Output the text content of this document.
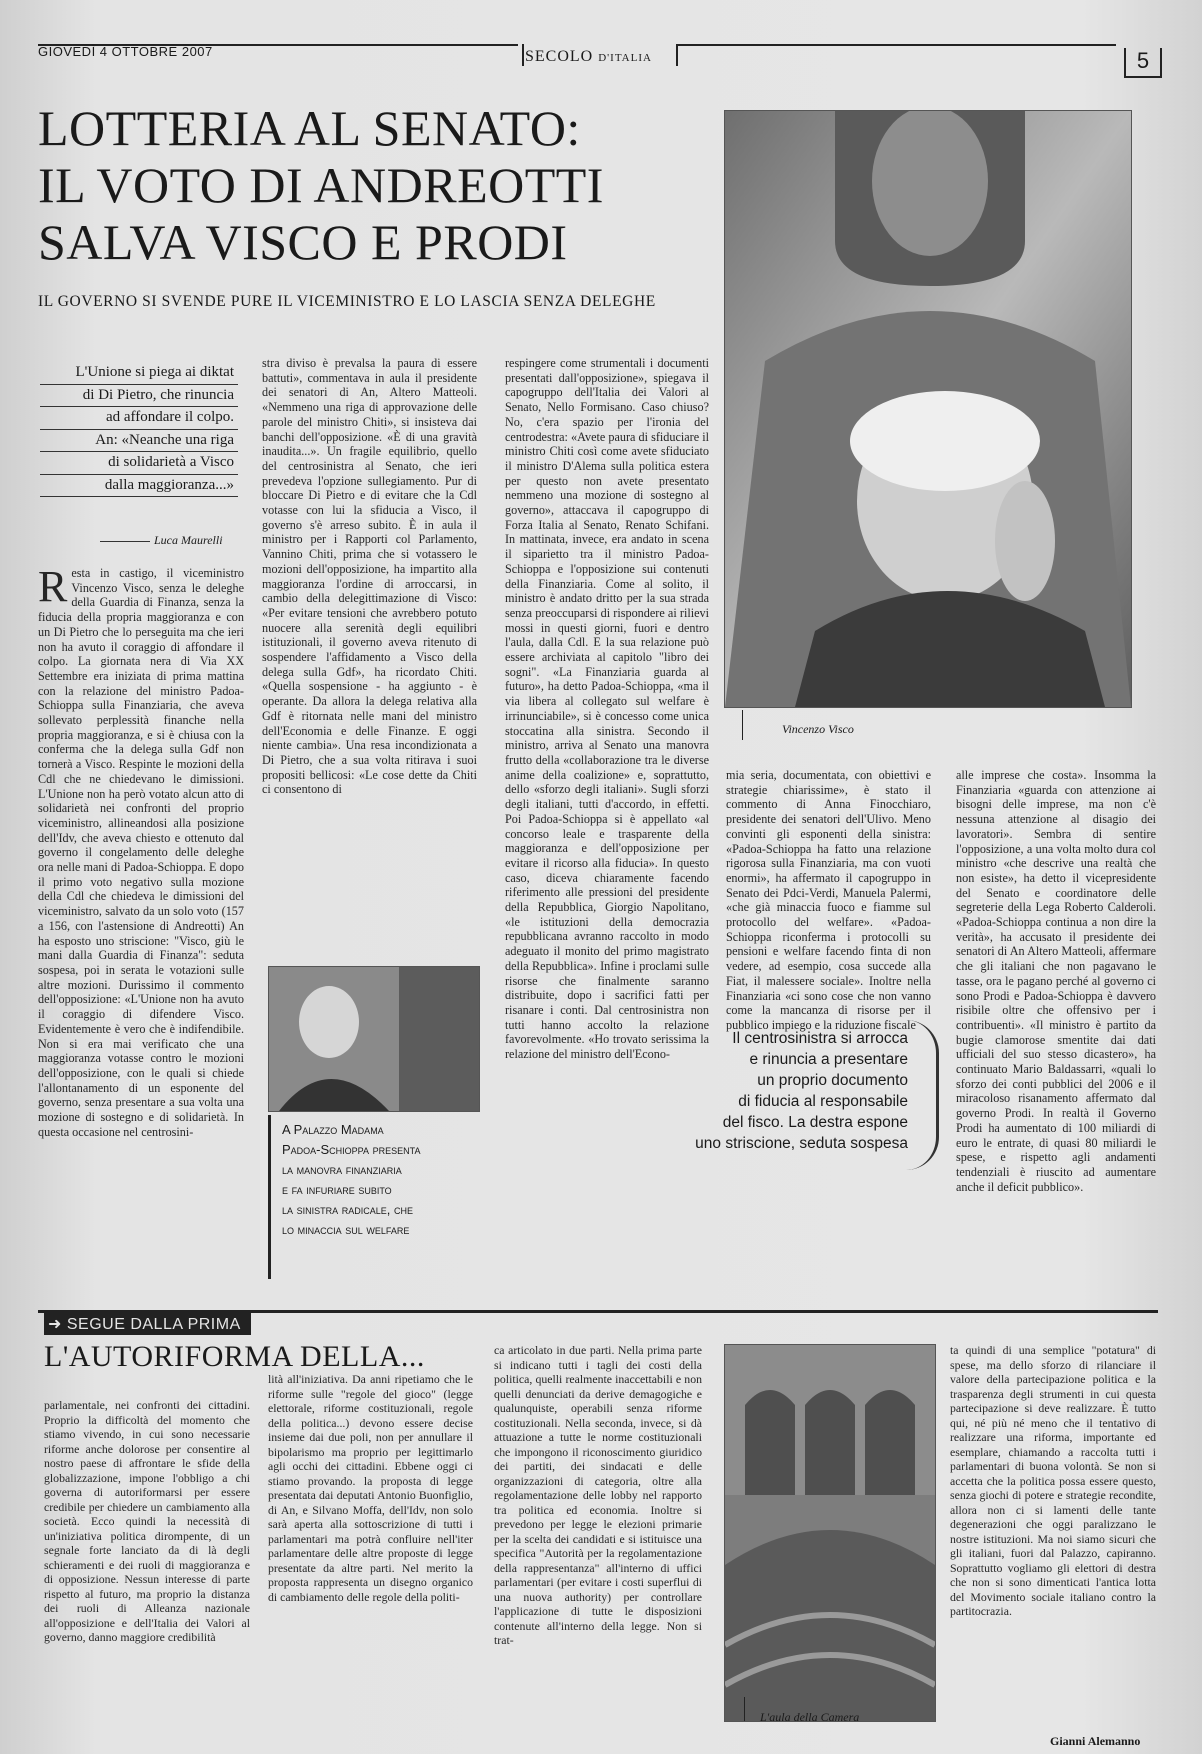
GIOVEDÌ 4 OTTOBRE 2007	SECOLO D'ITALIA	5
LOTTERIA AL SENATO:
IL VOTO DI ANDREOTTI
SALVA VISCO E PRODI
IL GOVERNO SI SVENDE PURE IL VICEMINISTRO E LO LASCIA SENZA DELEGHE
Vincenzo Visco
L'Unione si piega ai diktat
di Di Pietro, che rinuncia
ad affondare il colpo.
An: «Neanche una riga
di solidarietà a Visco
dalla maggioranza...»
Luca Maurelli
Resta in castigo, il viceministro Vincenzo Visco, senza le deleghe della Guardia di Finanza, senza la fiducia della propria maggioranza e con un Di Pietro che lo perseguita ma che ieri non ha avuto il coraggio di affondare il colpo. La giornata nera di Via XX Settembre era iniziata di prima mattina con la relazione del ministro Padoa-Schioppa sulla Finanziaria, che aveva sollevato perplessità finanche nella propria maggioranza, e si è chiusa con la conferma che la delega sulla Gdf non tornerà a Visco. Respinte le mozioni della Cdl che ne chiedevano le dimissioni. L'Unione non ha però votato alcun atto di solidarietà nei confronti del proprio viceministro, allineandosi alla posizione dell'Idv, che aveva chiesto e ottenuto dal governo il congelamento delle deleghe ora nelle mani di Padoa-Schioppa. E dopo il primo voto negativo sulla mozione della Cdl che chiedeva le dimissioni del viceministro, salvato da un solo voto (157 a 156, con l'astensione di Andreotti) An ha esposto uno striscione: "Visco, giù le mani dalla Guardia di Finanza": seduta sospesa, poi in serata le votazioni sulle altre mozioni. Durissimo il commento dell'opposizione: «L'Unione non ha avuto il coraggio di difendere Visco. Evidentemente è vero che è indifendibile. Non si era mai verificato che una maggioranza votasse contro le mozioni dell'opposizione, con le quali si chiede l'allontanamento di un esponente del governo, senza presentare a sua volta una mozione di sostegno e di solidarietà. In questa occasione nel centrosini-
stra diviso è prevalsa la paura di essere battuti», commentava in aula il presidente dei senatori di An, Altero Matteoli. «Nemmeno una riga di approvazione delle parole del ministro Chiti», si insisteva dai banchi dell'opposizione. «È di una gravità inaudita...». Un fragile equilibrio, quello del centrosinistra al Senato, che ieri prevedeva l'opzione sullegiamento. Pur di bloccare Di Pietro e di evitare che la Cdl votasse con lui la sfiducia a Visco, il governo s'è arreso subito. È in aula il ministro per i Rapporti col Parlamento, Vannino Chiti, prima che si votassero le mozioni dell'opposizione, ha impartito alla maggioranza l'ordine di arroccarsi, in cambio della delegittimazione di Visco: «Per evitare tensioni che avrebbero potuto nuocere alla serenità degli equilibri istituzionali, il governo aveva ritenuto di sospendere l'affidamento a Visco della delega sulla Gdf», ha ricordato Chiti. «Quella sospensione - ha aggiunto - è operante. Da allora la delega relativa alla Gdf è ritornata nelle mani del ministro dell'Economia e delle Finanze. E oggi niente cambia». Una resa incondizionata a Di Pietro, che a sua volta ritirava i suoi propositi bellicosi: «Le cose dette da Chiti ci consentono di
respingere come strumentali i documenti presentati dall'opposizione», spiegava il capogruppo dell'Italia dei Valori al Senato, Nello Formisano. Caso chiuso? No, c'era spazio per l'ironia del centrodestra: «Avete paura di sfiduciare il ministro Chiti così come avete sfiduciato il ministro D'Alema sulla politica estera per questo non avete presentato nemmeno una mozione di sostegno al governo», attaccava il capogruppo di Forza Italia al Senato, Renato Schifani. In mattinata, invece, era andato in scena il siparietto tra il ministro Padoa-Schioppa e l'opposizione sui contenuti della Finanziaria. Come al solito, il ministro è andato dritto per la sua strada senza preoccuparsi di rispondere ai rilievi mossi in questi giorni, fuori e dentro l'aula, dalla Cdl. E la sua relazione può essere archiviata al capitolo "libro dei sogni". «La Finanziaria guarda al futuro», ha detto Padoa-Schioppa, «ma il via libera al collegato sul welfare è irrinunciabile», si è concesso come unica stoccatina alla sinistra. Secondo il ministro, arriva al Senato una manovra frutto della «collaborazione tra le diverse anime della coalizione» e, soprattutto, dello «sforzo degli italiani». Sugli sforzi degli italiani, tutti d'accordo, in effetti. Poi Padoa-Schioppa si è appellato «al concorso leale e trasparente della maggioranza e dell'opposizione per evitare il ricorso alla fiducia». In questo caso, diceva chiaramente facendo riferimento alle pressioni del presidente della Repubblica, Giorgio Napolitano, «le istituzioni della democrazia repubblicana avranno raccolto in modo adeguato il monito del primo magistrato della Repubblica». Infine i proclami sulle risorse che finalmente saranno distribuite, dopo i sacrifici fatti per risanare i conti. Dal centrosinistra non tutti hanno accolto la relazione favorevolmente. «Ho trovato serissima la relazione del ministro dell'Econo-
mia seria, documentata, con obiettivi e strategie chiarissime», è stato il commento di Anna Finocchiaro, presidente dei senatori dell'Ulivo. Meno convinti gli esponenti della sinistra: «Padoa-Schioppa ha fatto una relazione rigorosa sulla Finanziaria, ma con vuoti enormi», ha affermato il capogruppo in Senato dei Pdci-Verdi, Manuela Palermi, «che già minaccia fuoco e fiamme sul protocollo del welfare». «Padoa-Schioppa riconferma i protocolli su pensioni e welfare facendo finta di non vedere, ad esempio, cosa succede alla Fiat, il malessere sociale». Inoltre nella Finanziaria «ci sono cose che non vanno come la mancanza di risorse per il pubblico impiego e la riduzione fiscale
alle imprese che costa». Insomma la Finanziaria «guarda con attenzione ai bisogni delle imprese, ma non c'è nessuna attenzione al disagio dei lavoratori». Sembra di sentire l'opposizione, a una volta molto dura col ministro «che descrive una realtà che non esiste», ha detto il vicepresidente del Senato e coordinatore delle segreterie della Lega Roberto Calderoli. «Padoa-Schioppa continua a non dire la verità», ha accusato il presidente dei senatori di An Altero Matteoli, affermare che gli italiani che non pagavano le tasse, ora le pagano perché al governo ci sono Prodi e Padoa-Schioppa è davvero risibile oltre che offensivo per i contribuenti». «Il ministro è partito da bugie clamorose smentite dai dati ufficiali del suo stesso dicastero», ha continuato Mario Baldassarri, «quali lo sforzo dei conti pubblici del 2006 e il miracoloso risanamento affermato dal governo Prodi. In realtà il Governo Prodi ha aumentato di 100 miliardi di euro le entrate, di quasi 80 miliardi le spese, e rispetto agli andamenti tendenziali è riuscito ad aumentare anche il deficit pubblico».
A Palazzo Madama
Padoa-Schioppa presenta
la manovra finanziaria
e fa infuriare subito
la sinistra radicale, che
lo minaccia sul welfare
Il centrosinistra si arrocca
e rinuncia a presentare
un proprio documento
di fiducia al responsabile
del fisco. La destra espone
uno striscione, seduta sospesa
➜ SEGUE DALLA PRIMA
L'AUTORIFORMA DELLA...
parlamentale, nei confronti dei cittadini. Proprio la difficoltà del momento che stiamo vivendo, in cui sono necessarie riforme anche dolorose per consentire al nostro paese di affrontare le sfide della globalizzazione, impone l'obbligo a chi governa di autoriformarsi per essere credibile per chiedere un cambiamento alla società. Ecco quindi la necessità di un'iniziativa politica dirompente, di un segnale forte lanciato da di là degli schieramenti e dei ruoli di maggioranza e di opposizione. Nessun interesse di parte rispetto al futuro, ma proprio la distanza dei ruoli di Alleanza nazionale all'opposizione e dell'Italia dei Valori al governo, danno maggiore credibilità
lità all'iniziativa. Da anni ripetiamo che le riforme sulle "regole del gioco" (legge elettorale, riforme costituzionali, regole della politica...) devono essere decise insieme dai due poli, non per annullare il bipolarismo ma proprio per legittimarlo agli occhi dei cittadini. Ebbene oggi ci stiamo provando. la proposta di legge presentata dai deputati Antonio Buonfiglio, di An, e Silvano Moffa, dell'Idv, non solo sarà aperta alla sottoscrizione di tutti i parlamentari ma potrà confluire nell'iter parlamentare delle altre proposte di legge presentate da altre parti. Nel merito la proposta rappresenta un disegno organico di cambiamento delle regole della politi-
ca articolato in due parti. Nella prima parte si indicano tutti i tagli dei costi della politica, quelli realmente inaccettabili e non quelli denunciati da derive demagogiche e qualunquiste, operabili senza riforme costituzionali. Nella seconda, invece, si dà attuazione a tutte le norme costituzionali che impongono il riconoscimento giuridico dei partiti, dei sindacati e delle organizzazioni di categoria, oltre alla regolamentazione delle lobby nel rapporto tra politica ed economia. Inoltre si prevedono per legge le elezioni primarie per la scelta dei candidati e si istituisce una specifica "Autorità per la regolamentazione della rappresentanza" all'interno di uffici parlamentari (per evitare i costi superflui di una nuova authority) per controllare l'applicazione di tutte le disposizioni contenute all'interno della legge. Non si trat-
ta quindi di una semplice "potatura" di spese, ma dello sforzo di rilanciare il valore della partecipazione politica e la trasparenza degli strumenti in cui questa partecipazione si deve realizzare. È tutto qui, né più né meno che il tentativo di realizzare una riforma, importante ed esemplare, chiamando a raccolta tutti i parlamentari di buona volontà. Se non si accetta che la politica possa essere questo, senza giochi di potere e strategie recondite, allora non ci si lamenti delle tante degenerazioni che oggi paralizzano le nostre istituzioni. Ma noi siamo sicuri che gli italiani, fuori dal Palazzo, capiranno. Soprattutto vogliamo gli elettori di destra che non si sono dimenticati l'antica lotta del Movimento sociale italiano contro la partitocrazia.
L'aula della Camera
Gianni Alemanno
